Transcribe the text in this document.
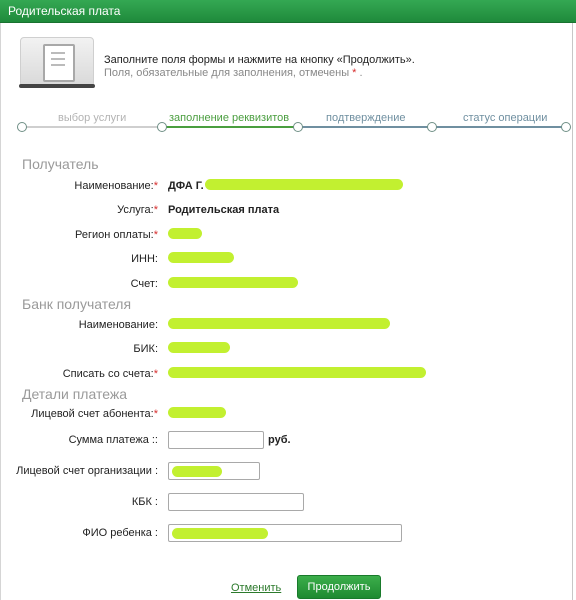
Родительская плата
Заполните поля формы и нажмите на кнопку «Продолжить».
Поля, обязательные для заполнения, отмечены * .
выбор услуги	заполнение реквизитов	подтверждение	статус операции
Получатель
Наименование:* ДФА Г.
Услуга:* Родительская плата
Регион оплаты:*
ИНН:
Счет:
Банк получателя
Наименование:
БИК:
Списать со счета:*
Детали платежа
Лицевой счет абонента:*
Сумма платежа ::	руб.
Лицевой счет организации :
КБК :
ФИО ребенка :
Отменить	Продолжить
